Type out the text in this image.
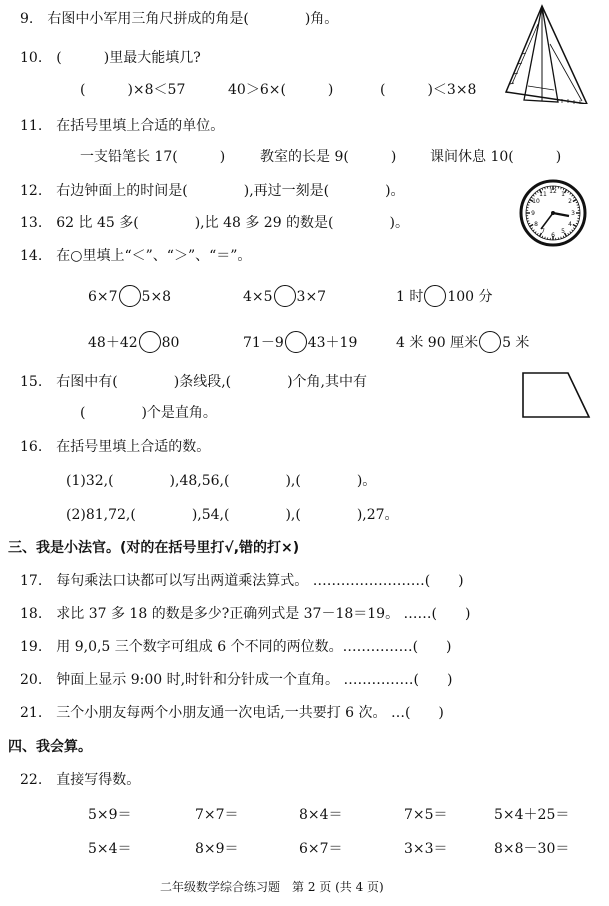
9.　右图中小军用三角尺拼成的角是(　　　　)角。
10.　(　　　)里最大能填几?
(　　　)×8＜57	40＞6×(　　　)	(　　　)＜3×8
11.　在括号里填上合适的单位。
一支铅笔长 17(　　　) 教室的长是 9(　　　) 课间休息 10(　　　)
12.　右边钟面上的时间是(　　　　),再过一刻是(　　　　)。
13.　62 比 45 多(　　　　),比 48 多 29 的数是(　　　　)。
12 1
2
3
4
5
6
7
8
9
10
11
14.　在○里填上“＜”、“＞”、“＝”。
6×7 5×8	4×5 3×7	1 时 100 分
48＋42 80	71－9 43＋19	4 米 90 厘米 5 米
15.　右图中有(　　　　)条线段,(　　　　)个角,其中有
(　　　　)个是直角。
16.　在括号里填上合适的数。
(1)32,(　　　　),48,56,(　　　　),(　　　　)。
(2)81,72,(　　　　),54,(　　　　),(　　　　),27。
三、我是小法官。(对的在括号里打√,错的打×)
17.　每句乘法口诀都可以写出两道乘法算式。 ……………………(　　)
18.　求比 37 多 18 的数是多少?正确列式是 37－18＝19。 ……(　　)
19.　用 9,0,5 三个数字可组成 6 个不同的两位数。……………(　　)
20.　钟面上显示 9:00 时,时针和分针成一个直角。 ……………(　　)
21.　三个小朋友每两个小朋友通一次电话,一共要打 6 次。 …(　　)
四、我会算。
22.　直接写得数。
5×9＝	7×7＝	8×4＝	7×5＝	5×4＋25＝
5×4＝	8×9＝	6×7＝	3×3＝	8×8－30＝
二年级数学综合练习题　第 2 页 (共 4 页)
